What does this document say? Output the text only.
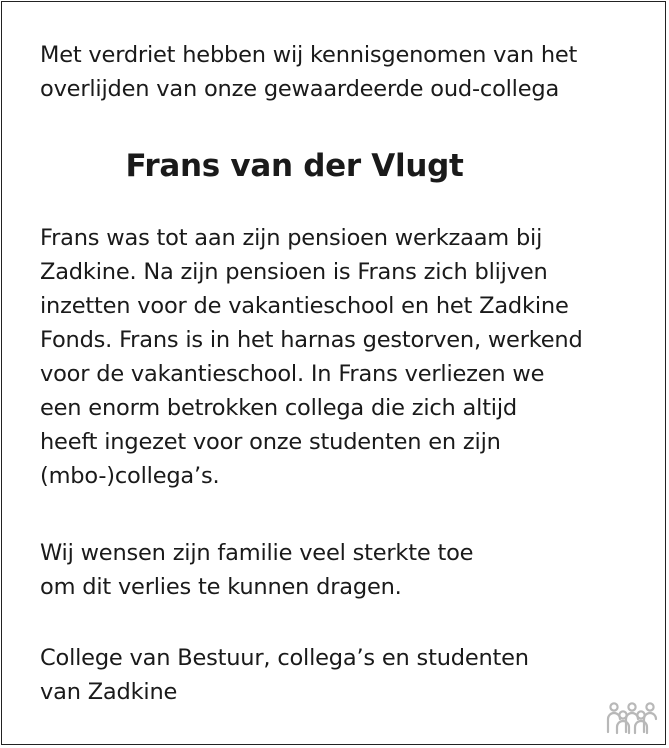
Met verdriet hebben wij kennisgenomen van het
overlijden van onze gewaardeerde oud-collega

Frans van der Vlugt

Frans was tot aan zijn pensioen werkzaam bij
Zadkine. Na zijn pensioen is Frans zich blijven
inzetten voor de vakantieschool en het Zadkine
Fonds. Frans is in het harnas gestorven, werkend
voor de vakantieschool. In Frans verliezen we
een enorm betrokken collega die zich altijd
heeft ingezet voor onze studenten en zijn
(mbo-)collega’s.

Wij wensen zijn familie veel sterkte toe
om dit verlies te kunnen dragen.

College van Bestuur, collega’s en studenten
van Zadkine
